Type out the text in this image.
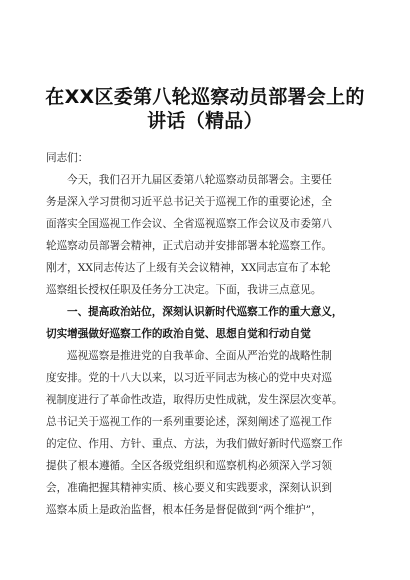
在XX区委第八轮巡察动员部署会上的
讲话（精品）
同志们：
今天，我们召开九届区委第八轮巡察动员部署会。主要任
务是深入学习贯彻习近平总书记关于巡视工作的重要论述，全
面落实全国巡视工作会议、全省巡视巡察工作会议及市委第八
轮巡察动员部署会精神，正式启动并安排部署本轮巡察工作。
刚才，XX同志传达了上级有关会议精神，XX同志宣布了本轮
巡察组长授权任职及任务分工决定。下面，我讲三点意见。
一、提高政治站位，深刻认识新时代巡察工作的重大意义，
切实增强做好巡察工作的政治自觉、思想自觉和行动自觉
巡视巡察是推进党的自我革命、全面从严治党的战略性制
度安排。党的十八大以来，以习近平同志为核心的党中央对巡
视制度进行了革命性改造，取得历史性成就，发生深层次变革。
总书记关于巡视工作的一系列重要论述，深刻阐述了巡视工作
的定位、作用、方针、重点、方法，为我们做好新时代巡察工作
提供了根本遵循。全区各级党组织和巡察机构必须深入学习领
会，准确把握其精神实质、核心要义和实践要求，深刻认识到
巡察本质上是政治监督，根本任务是督促做到“两个维护”，
